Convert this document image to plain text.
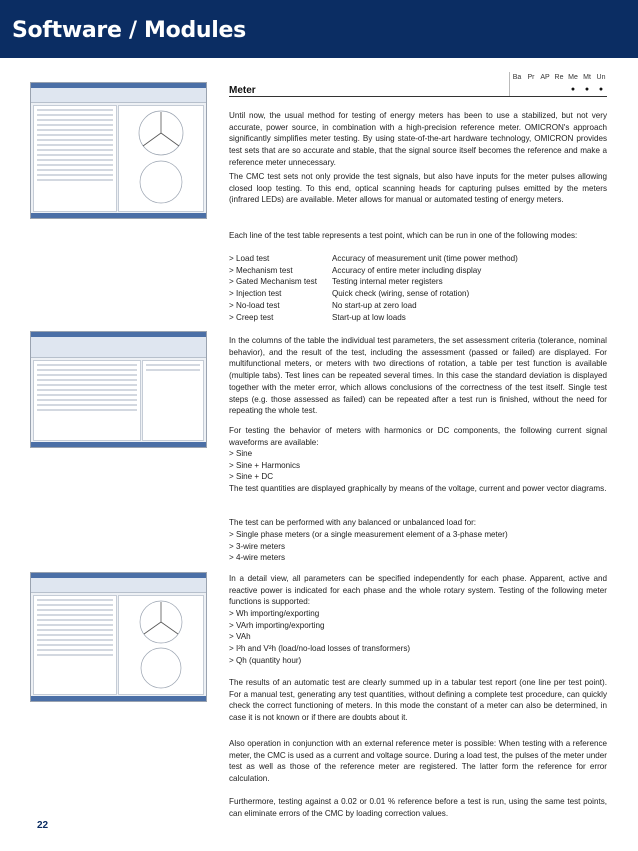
Software / Modules
Meter
Ba Pr AP Re Me Mt Un
●	●	●

Until now, the usual method for testing of energy meters has been to use a stabilized, but not very accurate, power source, in combination with a high-precision reference meter. OMICRON's approach significantly simplifies meter testing. By using state-of-the-art hardware technology, OMICRON provides test sets that are so accurate and stable, that the signal source itself becomes the reference and make a reference meter unnecessary.

The CMC test sets not only provide the test signals, but also have inputs for the meter pulses allowing closed loop testing. To this end, optical scanning heads for capturing pulses emitted by the meters (infrared LEDs) are available. Meter allows for manual or automated testing of energy meters.

Each line of the test table represents a test point, which can be run in one of the following modes:

> Load test	Accuracy of measurement unit (time power method)
> Mechanism test	Accuracy of entire meter including display
> Gated Mechanism test	Testing internal meter registers
> Injection test	Quick check (wiring, sense of rotation)
> No-load test	No start-up at zero load
> Creep test	Start-up at low loads

In the columns of the table the individual test parameters, the set assessment criteria (tolerance, nominal behavior), and the result of the test, including the assessment (passed or failed) are displayed. For multifunctional meters, or meters with two directions of rotation, a table per test function is available (multiple tabs). Test lines can be repeated several times. In this case the standard deviation is displayed together with the meter error, which allows conclusions of the correctness of the test itself. Single test steps (e.g. those assessed as failed) can be repeated after a test run is finished, without the need for repeating the whole test.

For testing the behavior of meters with harmonics or DC components, the following current signal waveforms are available:

> Sine
> Sine + Harmonics
> Sine + DC

The test quantities are displayed graphically by means of the voltage, current and power vector diagrams.

The test can be performed with any balanced or unbalanced load for:

> Single phase meters (or a single measurement element of a 3-phase meter)
> 3-wire meters
> 4-wire meters

In a detail view, all parameters can be specified independently for each phase. Apparent, active and reactive power is indicated for each phase and the whole rotary system. Testing of the following meter functions is supported:

> Wh importing/exporting
> VArh importing/exporting
> VAh
> I²h and V²h (load/no-load losses of transformers)
> Qh (quantity hour)

The results of an automatic test are clearly summed up in a tabular test report (one line per test point). For a manual test, generating any test quantities, without defining a complete test procedure, can quickly check the correct functioning of meters. In this mode the constant of a meter can also be determined, in case it is not known or if there are doubts about it.

Also operation in conjunction with an external reference meter is possible: When testing with a reference meter, the CMC is used as a current and voltage source. During a load test, the pulses of the meter under test as well as those of the reference meter are registered. The latter form the reference for error calculation.

Furthermore, testing against a 0.02 or 0.01 % reference before a test is run, using the same test points, can eliminate errors of the CMC by loading correction values.

22
